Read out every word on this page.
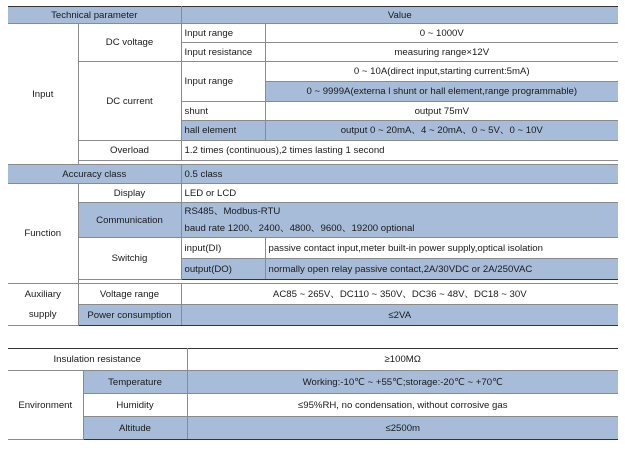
Technical parameter		Value	
Input	DC voltage	Input range	0 ~ 1000V
		Input resistance	measuring range×12V
	DC current	Input range	0 ~ 10A(direct input,starting current:5mA)
			0 ~ 9999A(externa l shunt or hall element,range programmable)
		shunt	output 75mV
		hall element	output 0 ~ 20mA、4 ~ 20mA、0 ~ 5V、0 ~ 10V
	Overload	1.2 times (continuous),2 times lasting 1 second	

Accuracy class		0.5 class	
Function	Display	LED or LCD	
	Communication	RS485、Modbus-RTU
baud rate 1200、2400、4800、9600、19200 optional	

	Switchig	input(DI)	passive contact input,meter built-in power supply,optical isolation
		output(DO)	normally open relay passive contact,2A/30VDC or 2A/250VAC

Auxiliary
supply	Voltage range	AC85 ~ 265V、DC110 ~ 350V、DC36 ~ 48V、DC18 ~ 30V	
	Power consumption	≤2VA	
Insulation resistance		≥100MΩ
Environment	Temperature	Working:-10℃ ~ +55℃;storage:-20℃ ~ +70℃
	Humidity	≤95%RH, no condensation, without corrosive gas
	Altitude	≤2500m
